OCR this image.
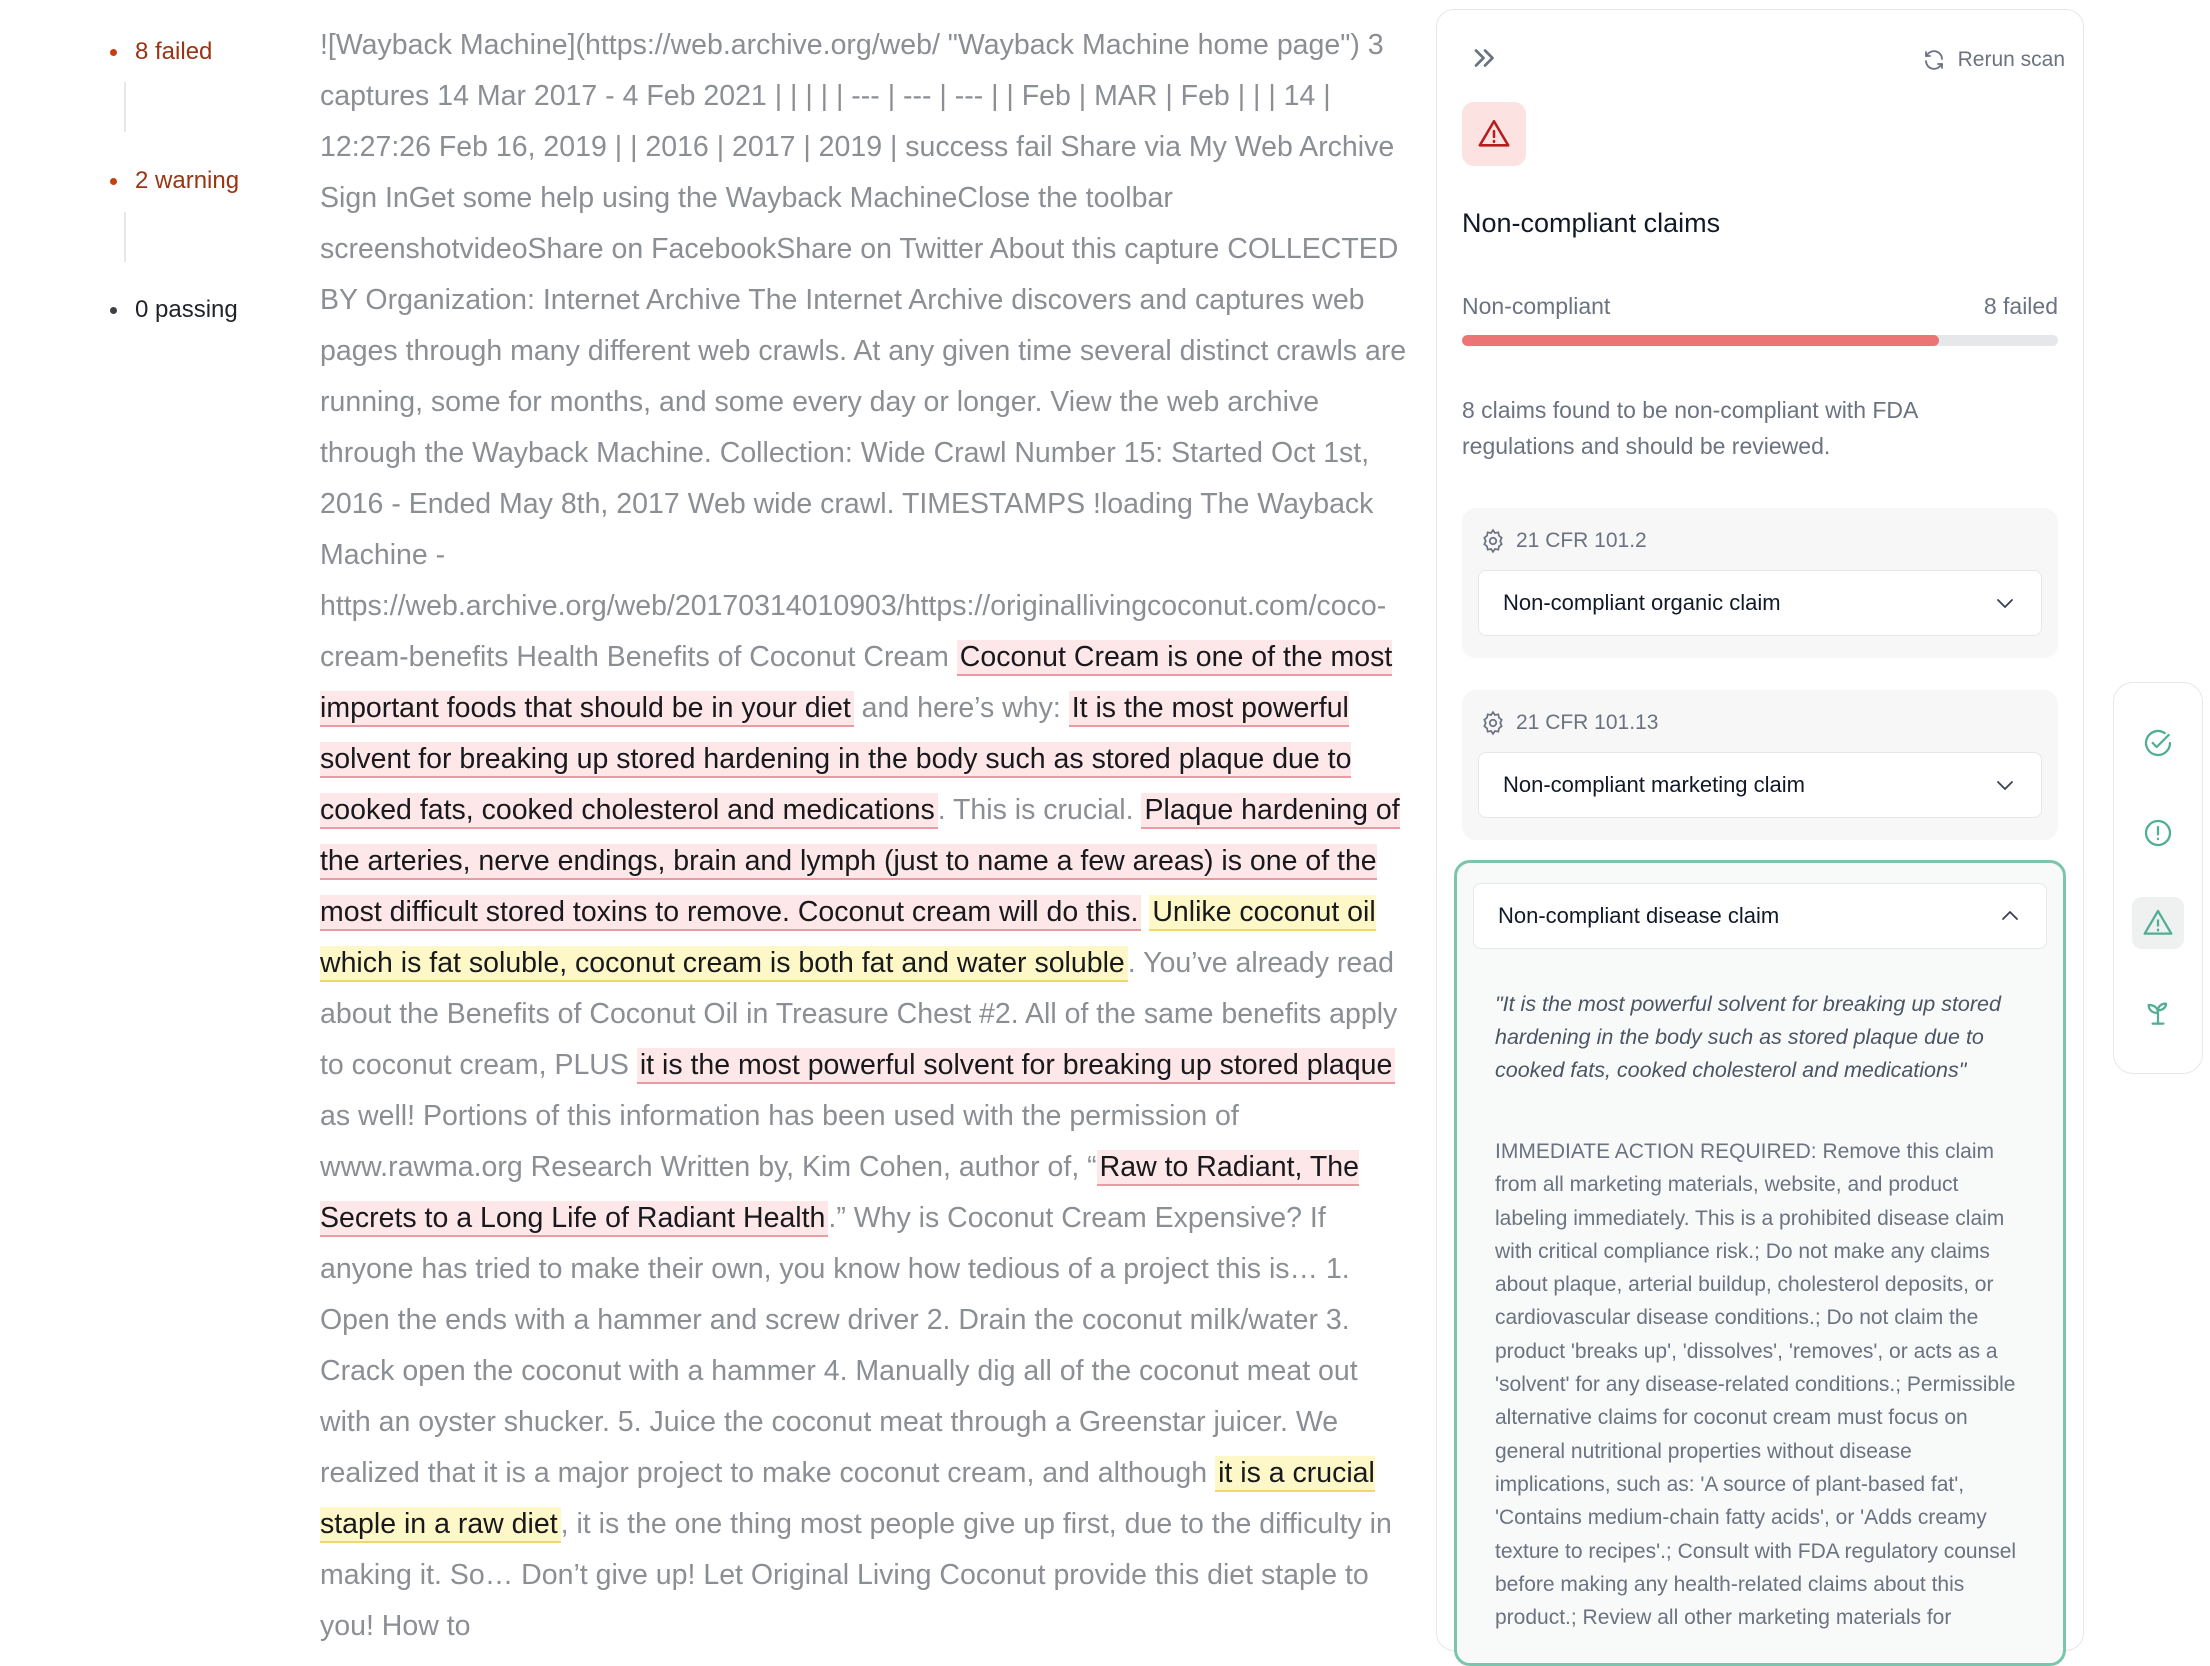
8 failed
2 warning
0 passing
![Wayback Machine](https://web.archive.org/web/ "Wayback Machine home page") 3 captures 14 Mar 2017 - 4 Feb 2021 | | | | | --- | --- | --- | | Feb | MAR | Feb | | | 14 | 12:27:26 Feb 16, 2019 | | 2016 | 2017 | 2019 | success fail Share via My Web Archive Sign InGet some help using the Wayback MachineClose the toolbar screenshotvideoShare on FacebookShare on Twitter About this capture COLLECTED BY Organization: Internet Archive The Internet Archive discovers and captures web pages through many different web crawls. At any given time several distinct crawls are running, some for months, and some every day or longer. View the web archive through the Wayback Machine. Collection: Wide Crawl Number 15: Started Oct 1st, 2016 - Ended May 8th, 2017 Web wide crawl. TIMESTAMPS !loading The Wayback Machine - https://web.archive.org/web/20170314010903/https://originallivingcoconut.com/coco-cream-benefits Health Benefits of Coconut Cream Coconut Cream is one of the most important foods that should be in your diet and here’s why: It is the most powerful solvent for breaking up stored hardening in the body such as stored plaque due to cooked fats, cooked cholesterol and medications . This is crucial. Plaque hardening of the arteries, nerve endings, brain and lymph (just to name a few areas) is one of the most difficult stored toxins to remove. Coconut cream will do this. Unlike coconut oil which is fat soluble, coconut cream is both fat and water soluble . You’ve already read about the Benefits of Coconut Oil in Treasure Chest #2. All of the same benefits apply to coconut cream, PLUS it is the most powerful solvent for breaking up stored plaque as well! Portions of this information has been used with the permission of www.rawma.org Research Written by, Kim Cohen, author of, “ Raw to Radiant, The Secrets to a Long Life of Radiant Health .” Why is Coconut Cream Expensive? If anyone has tried to make their own, you know how tedious of a project this is… 1. Open the ends with a hammer and screw driver 2. Drain the coconut milk/water 3. Crack open the coconut with a hammer 4. Manually dig all of the coconut meat out with an oyster shucker. 5. Juice the coconut meat through a Greenstar juicer. We realized that it is a major project to make coconut cream, and although it is a crucial staple in a raw diet , it is the one thing most people give up first, due to the difficulty in making it. So… Don’t give up! Let Original Living Coconut provide this diet staple to you! How to
Rerun scan
Non-compliant claims
Non-compliant	8 failed
8 claims found to be non-compliant with FDA regulations and should be reviewed.
21 CFR 101.2
Non-compliant organic claim
21 CFR 101.13
Non-compliant marketing claim
Non-compliant disease claim
"It is the most powerful solvent for breaking up stored hardening in the body such as stored plaque due to cooked fats, cooked cholesterol and medications"
IMMEDIATE ACTION REQUIRED: Remove this claim from all marketing materials, website, and product labeling immediately. This is a prohibited disease claim with critical compliance risk.; Do not make any claims about plaque, arterial buildup, cholesterol deposits, or cardiovascular disease conditions.; Do not claim the product 'breaks up', 'dissolves', 'removes', or acts as a 'solvent' for any disease-related conditions.; Permissible alternative claims for coconut cream must focus on general nutritional properties without disease implications, such as: 'A source of plant-based fat', 'Contains medium-chain fatty acids', or 'Adds creamy texture to recipes'.; Consult with FDA regulatory counsel before making any health-related claims about this product.; Review all other marketing materials for
